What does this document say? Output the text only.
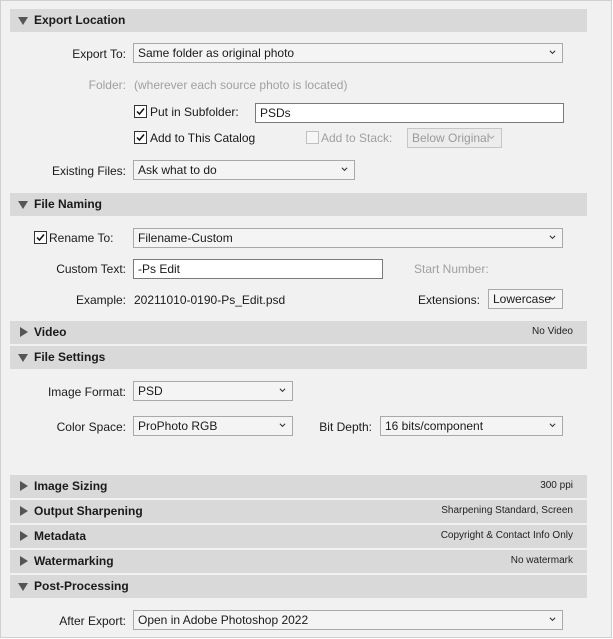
Export Location
Export To:	Same folder as original photo
Folder: (wherever each source photo is located)
Put in Subfolder:	PSDs
Add to This Catalog	Add to Stack:	Below Original
Existing Files:	Ask what to do
File Naming
Rename To:	Filename-Custom
Custom Text:	-Ps Edit	Start Number:
Example: 20211010-0190-Ps_Edit.psd	Extensions:	Lowercase
Video	No Video
File Settings
Image Format:	PSD
Color Space:	ProPhoto RGB	Bit Depth:	16 bits/component
Image Sizing	300 ppi
Output Sharpening	Sharpening Standard, Screen
Metadata	Copyright & Contact Info Only
Watermarking	No watermark
Post-Processing
After Export:	Open in Adobe Photoshop 2022
